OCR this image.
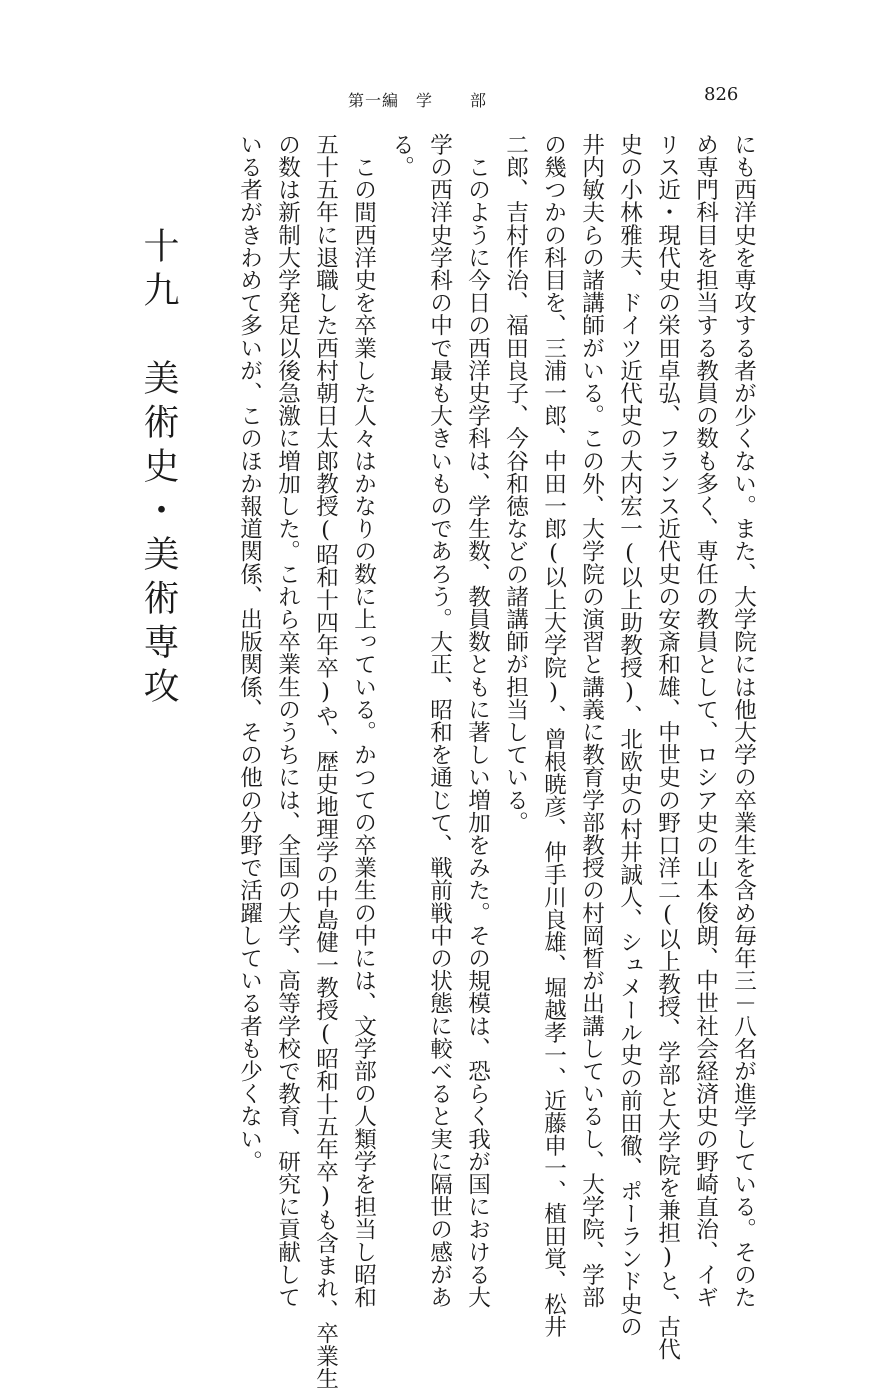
第一編　学 部	826
にも西洋史を専攻する者が少くない。また、大学院には他大学の卒業生を含め毎年三－八名が進学している。そのた
め専門科目を担当する教員の数も多く、専任の教員として、ロシア史の山本俊朗、中世社会経済史の野崎直治、イギ
リス近・現代史の栄田卓弘、フランス近代史の安斎和雄、中世史の野口洋二(以上教授、学部と大学院を兼担)と、古代
史の小林雅夫、ドイツ近代史の大内宏一(以上助教授)、北欧史の村井誠人、シュメール史の前田徹、ポーランド史の
井内敏夫らの諸講師がいる。この外、大学院の演習と講義に教育学部教授の村岡晳が出講しているし、大学院、学部
の幾つかの科目を、三浦一郎、中田一郎(以上大学院)、曾根暁彦、仲手川良雄、堀越孝一、近藤申一、植田覚、松井
二郎、吉村作治、福田良子、今谷和徳などの諸講師が担当している。
　このように今日の西洋史学科は、学生数、教員数ともに著しい増加をみた。その規模は、恐らく我が国における大
学の西洋史学科の中で最も大きいものであろう。大正、昭和を通じて、戦前戦中の状態に較べると実に隔世の感があ
る。
　この間西洋史を卒業した人々はかなりの数に上っている。かつての卒業生の中には、文学部の人類学を担当し昭和
五十五年に退職した西村朝日太郎教授(昭和十四年卒)や、歴史地理学の中島健一教授(昭和十五年卒)も含まれ、卒業生
の数は新制大学発足以後急激に増加した。これら卒業生のうちには、全国の大学、高等学校で教育、研究に貢献して
いる者がきわめて多いが、このほか報道関係、出版関係、その他の分野で活躍している者も少くない。
十九　美術史・美術専攻
